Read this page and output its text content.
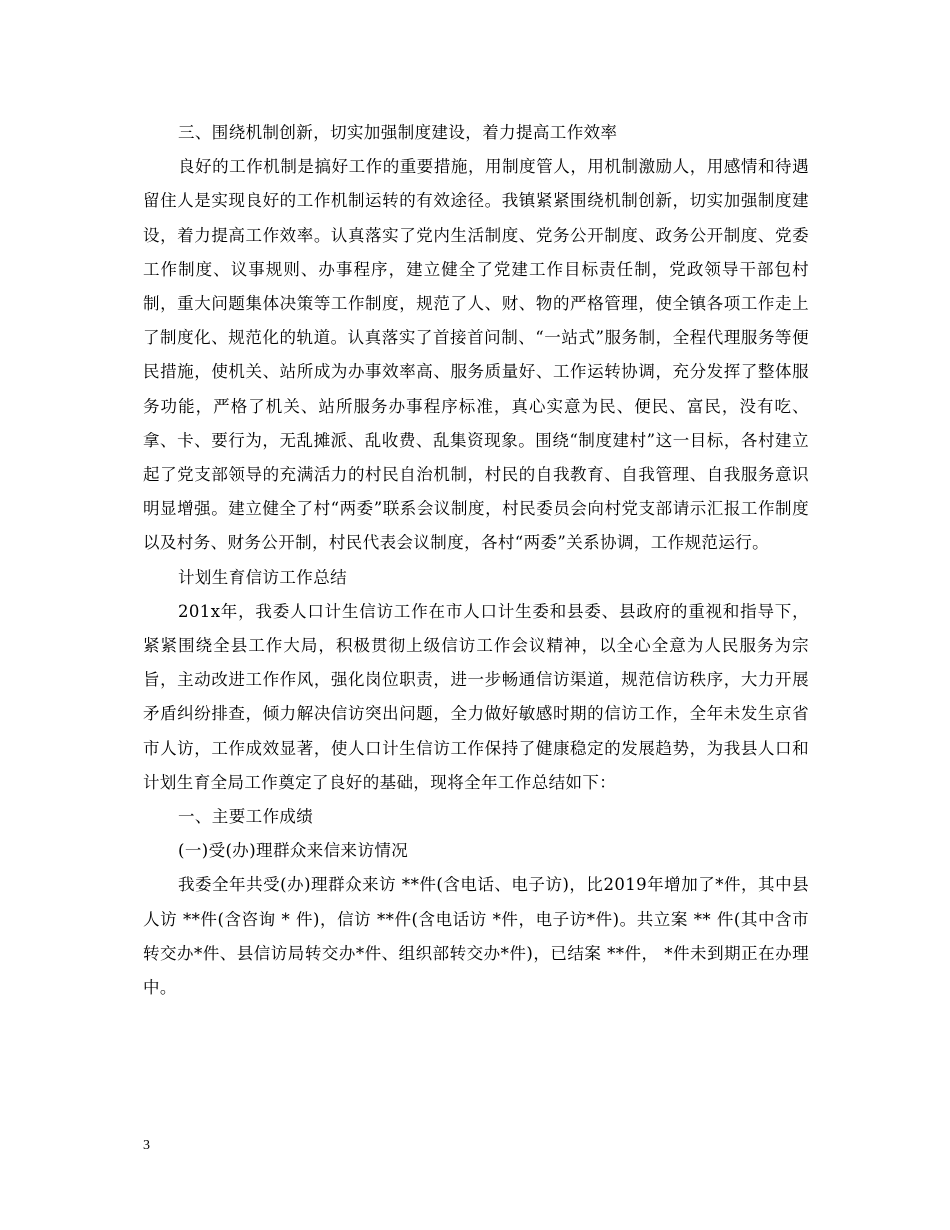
三、围绕机制创新，切实加强制度建设，着力提高工作效率

良好的工作机制是搞好工作的重要措施，用制度管人，用机制激励人，用感情和待遇留住人是实现良好的工作机制运转的有效途径。我镇紧紧围绕机制创新，切实加强制度建设，着力提高工作效率。认真落实了党内生活制度、党务公开制度、政务公开制度、党委工作制度、议事规则、办事程序，建立健全了党建工作目标责任制，党政领导干部包村制，重大问题集体决策等工作制度，规范了人、财、物的严格管理，使全镇各项工作走上了制度化、规范化的轨道。认真落实了首接首问制、“一站式”服务制，全程代理服务等便民措施，使机关、站所成为办事效率高、服务质量好、工作运转协调，充分发挥了整体服务功能，严格了机关、站所服务办事程序标准，真心实意为民、便民、富民，没有吃、拿、卡、要行为，无乱摊派、乱收费、乱集资现象。围绕“制度建村”这一目标，各村建立起了党支部领导的充满活力的村民自治机制，村民的自我教育、自我管理、自我服务意识明显增强。建立健全了村“两委”联系会议制度，村民委员会向村党支部请示汇报工作制度以及村务、财务公开制，村民代表会议制度，各村“两委”关系协调，工作规范运行。

计划生育信访工作总结

201x年，我委人口计生信访工作在市人口计生委和县委、县政府的重视和指导下，紧紧围绕全县工作大局，积极贯彻上级信访工作会议精神，以全心全意为人民服务为宗旨，主动改进工作作风，强化岗位职责，进一步畅通信访渠道，规范信访秩序，大力开展矛盾纠纷排查，倾力解决信访突出问题，全力做好敏感时期的信访工作，全年未发生京省市人访，工作成效显著，使人口计生信访工作保持了健康稳定的发展趋势，为我县人口和计划生育全局工作奠定了良好的基础，现将全年工作总结如下：

一、主要工作成绩

(一)受(办)理群众来信来访情况

我委全年共受(办)理群众来访 **件(含电话、电子访)，比2019年增加了*件，其中县人访 **件(含咨询 * 件)，信访 **件(含电话访 *件，电子访*件)。共立案 ** 件(其中含市转交办*件、县信访局转交办*件、组织部转交办*件)，已结案 **件， *件未到期正在办理中。

3
